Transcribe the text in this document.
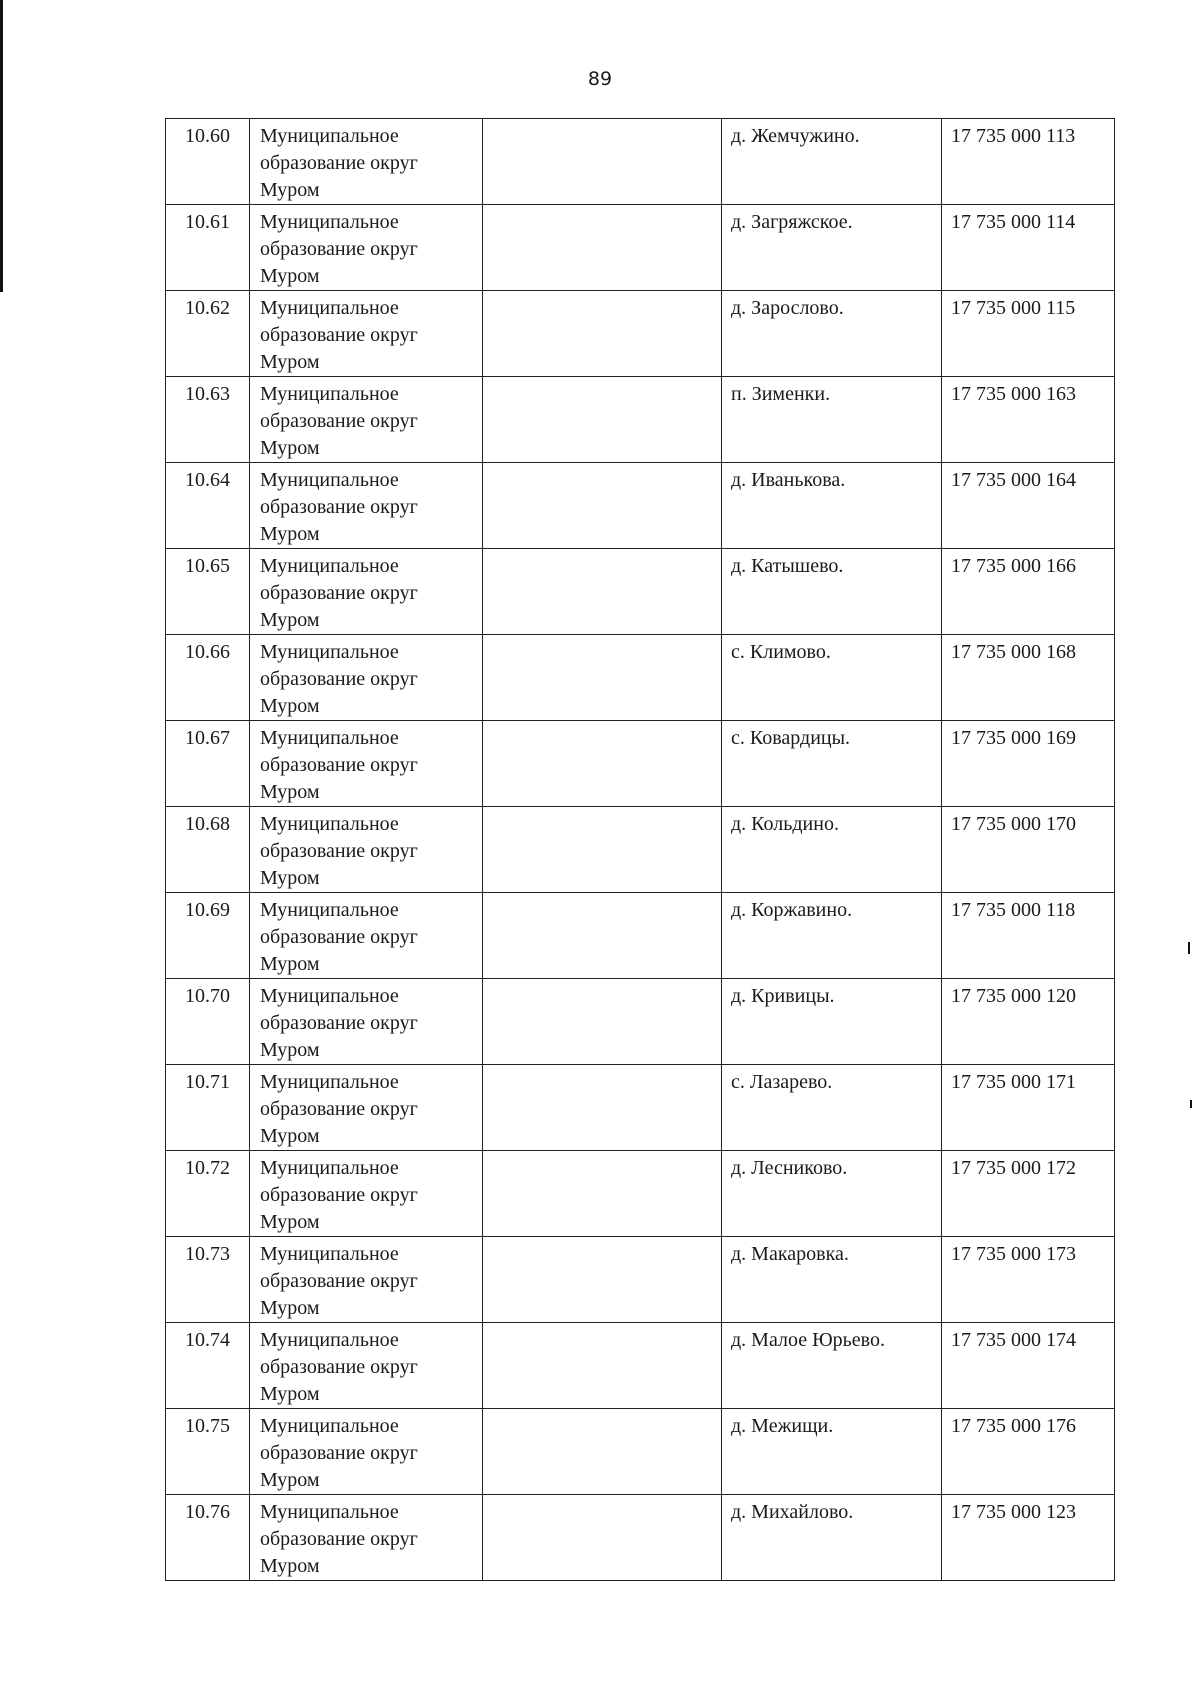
89
10.60	Муниципальное
образование округ
Муром		д. Жемчужино.	17 735 000 113
10.61	Муниципальное
образование округ
Муром		д. Загряжское.	17 735 000 114
10.62	Муниципальное
образование округ
Муром		д. Зарослово.	17 735 000 115
10.63	Муниципальное
образование округ
Муром		п. Зименки.	17 735 000 163
10.64	Муниципальное
образование округ
Муром		д. Иванькова.	17 735 000 164
10.65	Муниципальное
образование округ
Муром		д. Катышево.	17 735 000 166
10.66	Муниципальное
образование округ
Муром		с. Климово.	17 735 000 168
10.67	Муниципальное
образование округ
Муром		с. Ковардицы.	17 735 000 169
10.68	Муниципальное
образование округ
Муром		д. Кольдино.	17 735 000 170
10.69	Муниципальное
образование округ
Муром		д. Коржавино.	17 735 000 118
10.70	Муниципальное
образование округ
Муром		д. Кривицы.	17 735 000 120
10.71	Муниципальное
образование округ
Муром		с. Лазарево.	17 735 000 171
10.72	Муниципальное
образование округ
Муром		д. Лесниково.	17 735 000 172
10.73	Муниципальное
образование округ
Муром		д. Макаровка.	17 735 000 173
10.74	Муниципальное
образование округ
Муром		д. Малое Юрьево.	17 735 000 174
10.75	Муниципальное
образование округ
Муром		д. Межищи.	17 735 000 176
10.76	Муниципальное
образование округ
Муром		д. Михайлово.	17 735 000 123
